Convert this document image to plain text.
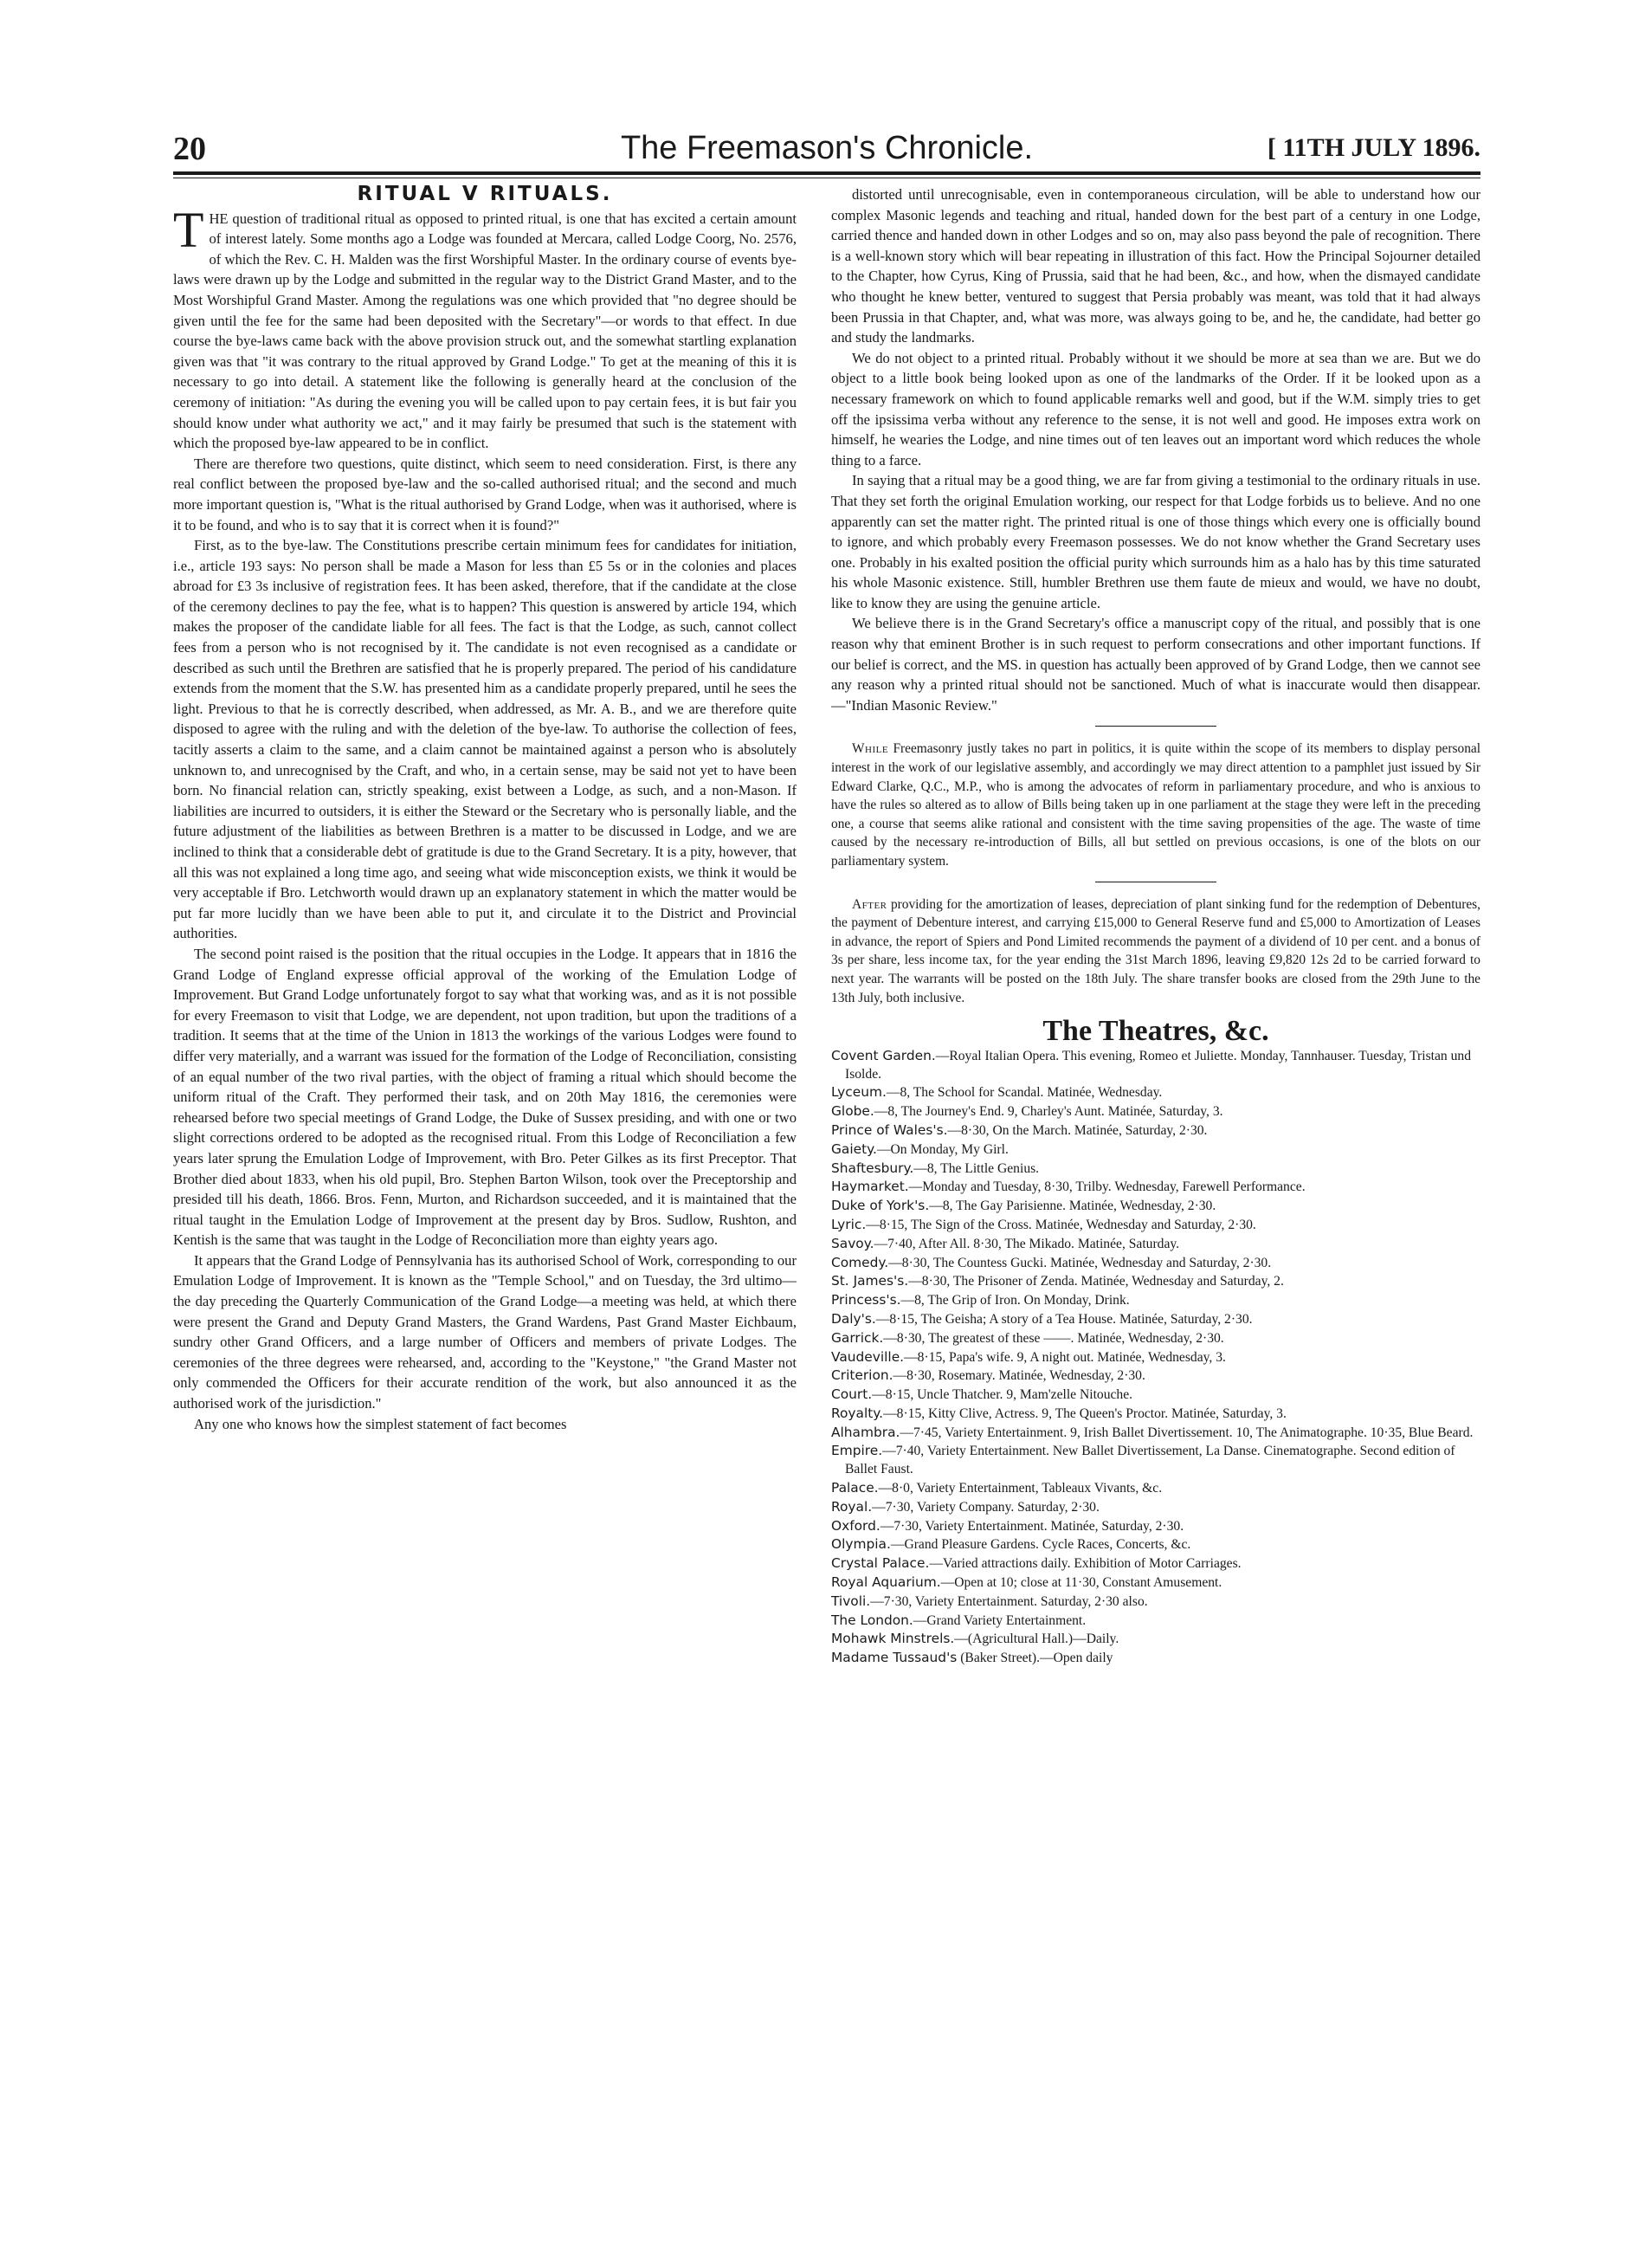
20	The Freemason's Chronicle.	[ 11TH JULY 1896.
RITUAL V RITUALS.

THE question of traditional ritual as opposed to printed ritual, is one that has excited a certain amount of interest lately. Some months ago a Lodge was founded at Mercara, called Lodge Coorg, No. 2576, of which the Rev. C. H. Malden was the first Worshipful Master. In the ordinary course of events bye-laws were drawn up by the Lodge and submitted in the regular way to the District Grand Master, and to the Most Worshipful Grand Master. Among the regulations was one which provided that "no degree should be given until the fee for the same had been deposited with the Secretary"—or words to that effect. In due course the bye-laws came back with the above provision struck out, and the somewhat startling explanation given was that "it was contrary to the ritual approved by Grand Lodge." To get at the meaning of this it is necessary to go into detail. A statement like the following is generally heard at the conclusion of the ceremony of initiation: "As during the evening you will be called upon to pay certain fees, it is but fair you should know under what authority we act," and it may fairly be presumed that such is the statement with which the proposed bye-law appeared to be in conflict.

There are therefore two questions, quite distinct, which seem to need consideration. First, is there any real conflict between the proposed bye-law and the so-called authorised ritual; and the second and much more important question is, "What is the ritual authorised by Grand Lodge, when was it authorised, where is it to be found, and who is to say that it is correct when it is found?"

First, as to the bye-law. The Constitutions prescribe certain minimum fees for candidates for initiation, i.e., article 193 says: No person shall be made a Mason for less than £5 5s or in the colonies and places abroad for £3 3s inclusive of registration fees. It has been asked, therefore, that if the candidate at the close of the ceremony declines to pay the fee, what is to happen? This question is answered by article 194, which makes the proposer of the candidate liable for all fees. The fact is that the Lodge, as such, cannot collect fees from a person who is not recognised by it. The candidate is not even recognised as a candidate or described as such until the Brethren are satisfied that he is properly prepared. The period of his candidature extends from the moment that the S.W. has presented him as a candidate properly prepared, until he sees the light. Previous to that he is correctly described, when addressed, as Mr. A. B., and we are therefore quite disposed to agree with the ruling and with the deletion of the bye-law. To authorise the collection of fees, tacitly asserts a claim to the same, and a claim cannot be maintained against a person who is absolutely unknown to, and unrecognised by the Craft, and who, in a certain sense, may be said not yet to have been born. No financial relation can, strictly speaking, exist between a Lodge, as such, and a non-Mason. If liabilities are incurred to outsiders, it is either the Steward or the Secretary who is personally liable, and the future adjustment of the liabilities as between Brethren is a matter to be discussed in Lodge, and we are inclined to think that a considerable debt of gratitude is due to the Grand Secretary. It is a pity, however, that all this was not explained a long time ago, and seeing what wide misconception exists, we think it would be very acceptable if Bro. Letchworth would drawn up an explanatory statement in which the matter would be put far more lucidly than we have been able to put it, and circulate it to the District and Provincial authorities.

The second point raised is the position that the ritual occupies in the Lodge. It appears that in 1816 the Grand Lodge of England expresse official approval of the working of the Emulation Lodge of Improvement. But Grand Lodge unfortunately forgot to say what that working was, and as it is not possible for every Freemason to visit that Lodge, we are dependent, not upon tradition, but upon the traditions of a tradition. It seems that at the time of the Union in 1813 the workings of the various Lodges were found to differ very materially, and a warrant was issued for the formation of the Lodge of Reconciliation, consisting of an equal number of the two rival parties, with the object of framing a ritual which should become the uniform ritual of the Craft. They performed their task, and on 20th May 1816, the ceremonies were rehearsed before two special meetings of Grand Lodge, the Duke of Sussex presiding, and with one or two slight corrections ordered to be adopted as the recognised ritual. From this Lodge of Reconciliation a few years later sprung the Emulation Lodge of Improvement, with Bro. Peter Gilkes as its first Preceptor. That Brother died about 1833, when his old pupil, Bro. Stephen Barton Wilson, took over the Preceptorship and presided till his death, 1866. Bros. Fenn, Murton, and Richardson succeeded, and it is maintained that the ritual taught in the Emulation Lodge of Improvement at the present day by Bros. Sudlow, Rushton, and Kentish is the same that was taught in the Lodge of Reconciliation more than eighty years ago.

It appears that the Grand Lodge of Pennsylvania has its authorised School of Work, corresponding to our Emulation Lodge of Improvement. It is known as the "Temple School," and on Tuesday, the 3rd ultimo—the day preceding the Quarterly Communication of the Grand Lodge—a meeting was held, at which there were present the Grand and Deputy Grand Masters, the Grand Wardens, Past Grand Master Eichbaum, sundry other Grand Officers, and a large number of Officers and members of private Lodges. The ceremonies of the three degrees were rehearsed, and, according to the "Keystone," "the Grand Master not only commended the Officers for their accurate rendition of the work, but also announced it as the authorised work of the jurisdiction."

Any one who knows how the simplest statement of fact becomes

distorted until unrecognisable, even in contemporaneous circulation, will be able to understand how our complex Masonic legends and teaching and ritual, handed down for the best part of a century in one Lodge, carried thence and handed down in other Lodges and so on, may also pass beyond the pale of recognition. There is a well-known story which will bear repeating in illustration of this fact. How the Principal Sojourner detailed to the Chapter, how Cyrus, King of Prussia, said that he had been, &c., and how, when the dismayed candidate who thought he knew better, ventured to suggest that Persia probably was meant, was told that it had always been Prussia in that Chapter, and, what was more, was always going to be, and he, the candidate, had better go and study the landmarks.

We do not object to a printed ritual. Probably without it we should be more at sea than we are. But we do object to a little book being looked upon as one of the landmarks of the Order. If it be looked upon as a necessary framework on which to found applicable remarks well and good, but if the W.M. simply tries to get off the ipsissima verba without any reference to the sense, it is not well and good. He imposes extra work on himself, he wearies the Lodge, and nine times out of ten leaves out an important word which reduces the whole thing to a farce.

In saying that a ritual may be a good thing, we are far from giving a testimonial to the ordinary rituals in use. That they set forth the original Emulation working, our respect for that Lodge forbids us to believe. And no one apparently can set the matter right. The printed ritual is one of those things which every one is officially bound to ignore, and which probably every Freemason possesses. We do not know whether the Grand Secretary uses one. Probably in his exalted position the official purity which surrounds him as a halo has by this time saturated his whole Masonic existence. Still, humbler Brethren use them faute de mieux and would, we have no doubt, like to know they are using the genuine article.

We believe there is in the Grand Secretary's office a manuscript copy of the ritual, and possibly that is one reason why that eminent Brother is in such request to perform consecrations and other important functions. If our belief is correct, and the MS. in question has actually been approved of by Grand Lodge, then we cannot see any reason why a printed ritual should not be sanctioned. Much of what is inaccurate would then disappear.—"Indian Masonic Review."

While Freemasonry justly takes no part in politics, it is quite within the scope of its members to display personal interest in the work of our legislative assembly, and accordingly we may direct attention to a pamphlet just issued by Sir Edward Clarke, Q.C., M.P., who is among the advocates of reform in parliamentary procedure, and who is anxious to have the rules so altered as to allow of Bills being taken up in one parliament at the stage they were left in the preceding one, a course that seems alike rational and consistent with the time saving propensities of the age. The waste of time caused by the necessary re-introduction of Bills, all but settled on previous occasions, is one of the blots on our parliamentary system.

After providing for the amortization of leases, depreciation of plant sinking fund for the redemption of Debentures, the payment of Debenture interest, and carrying £15,000 to General Reserve fund and £5,000 to Amortization of Leases in advance, the report of Spiers and Pond Limited recommends the payment of a dividend of 10 per cent. and a bonus of 3s per share, less income tax, for the year ending the 31st March 1896, leaving £9,820 12s 2d to be carried forward to next year. The warrants will be posted on the 18th July. The share transfer books are closed from the 29th June to the 13th July, both inclusive.

The Theatres, &c.
Covent Garden.—Royal Italian Opera. This evening, Romeo et Juliette. Monday, Tannhauser. Tuesday, Tristan und Isolde.
Lyceum.—8, The School for Scandal. Matinée, Wednesday.
Globe.—8, The Journey's End. 9, Charley's Aunt. Matinée, Saturday, 3.
Prince of Wales's.—8·30, On the March. Matinée, Saturday, 2·30.
Gaiety.—On Monday, My Girl.
Shaftesbury.—8, The Little Genius.
Haymarket.—Monday and Tuesday, 8·30, Trilby. Wednesday, Farewell Performance.
Duke of York's.—8, The Gay Parisienne. Matinée, Wednesday, 2·30.
Lyric.—8·15, The Sign of the Cross. Matinée, Wednesday and Saturday, 2·30.
Savoy.—7·40, After All. 8·30, The Mikado. Matinée, Saturday.
Comedy.—8·30, The Countess Gucki. Matinée, Wednesday and Saturday, 2·30.
St. James's.—8·30, The Prisoner of Zenda. Matinée, Wednesday and Saturday, 2.
Princess's.—8, The Grip of Iron. On Monday, Drink.
Daly's.—8·15, The Geisha; A story of a Tea House. Matinée, Saturday, 2·30.
Garrick.—8·30, The greatest of these ——. Matinée, Wednesday, 2·30.
Vaudeville.—8·15, Papa's wife. 9, A night out. Matinée, Wednesday, 3.
Criterion.—8·30, Rosemary. Matinée, Wednesday, 2·30.
Court.—8·15, Uncle Thatcher. 9, Mam'zelle Nitouche.
Royalty.—8·15, Kitty Clive, Actress. 9, The Queen's Proctor. Matinée, Saturday, 3.
Alhambra.—7·45, Variety Entertainment. 9, Irish Ballet Divertissement. 10, The Animatographe. 10·35, Blue Beard.
Empire.—7·40, Variety Entertainment. New Ballet Divertissement, La Danse. Cinematographe. Second edition of Ballet Faust.
Palace.—8·0, Variety Entertainment, Tableaux Vivants, &c.
Royal.—7·30, Variety Company. Saturday, 2·30.
Oxford.—7·30, Variety Entertainment. Matinée, Saturday, 2·30.
Olympia.—Grand Pleasure Gardens. Cycle Races, Concerts, &c.
Crystal Palace.—Varied attractions daily. Exhibition of Motor Carriages.
Royal Aquarium.—Open at 10; close at 11·30, Constant Amusement.
Tivoli.—7·30, Variety Entertainment. Saturday, 2·30 also.
The London.—Grand Variety Entertainment.
Mohawk Minstrels.—(Agricultural Hall.)—Daily.
Madame Tussaud's (Baker Street).—Open daily
